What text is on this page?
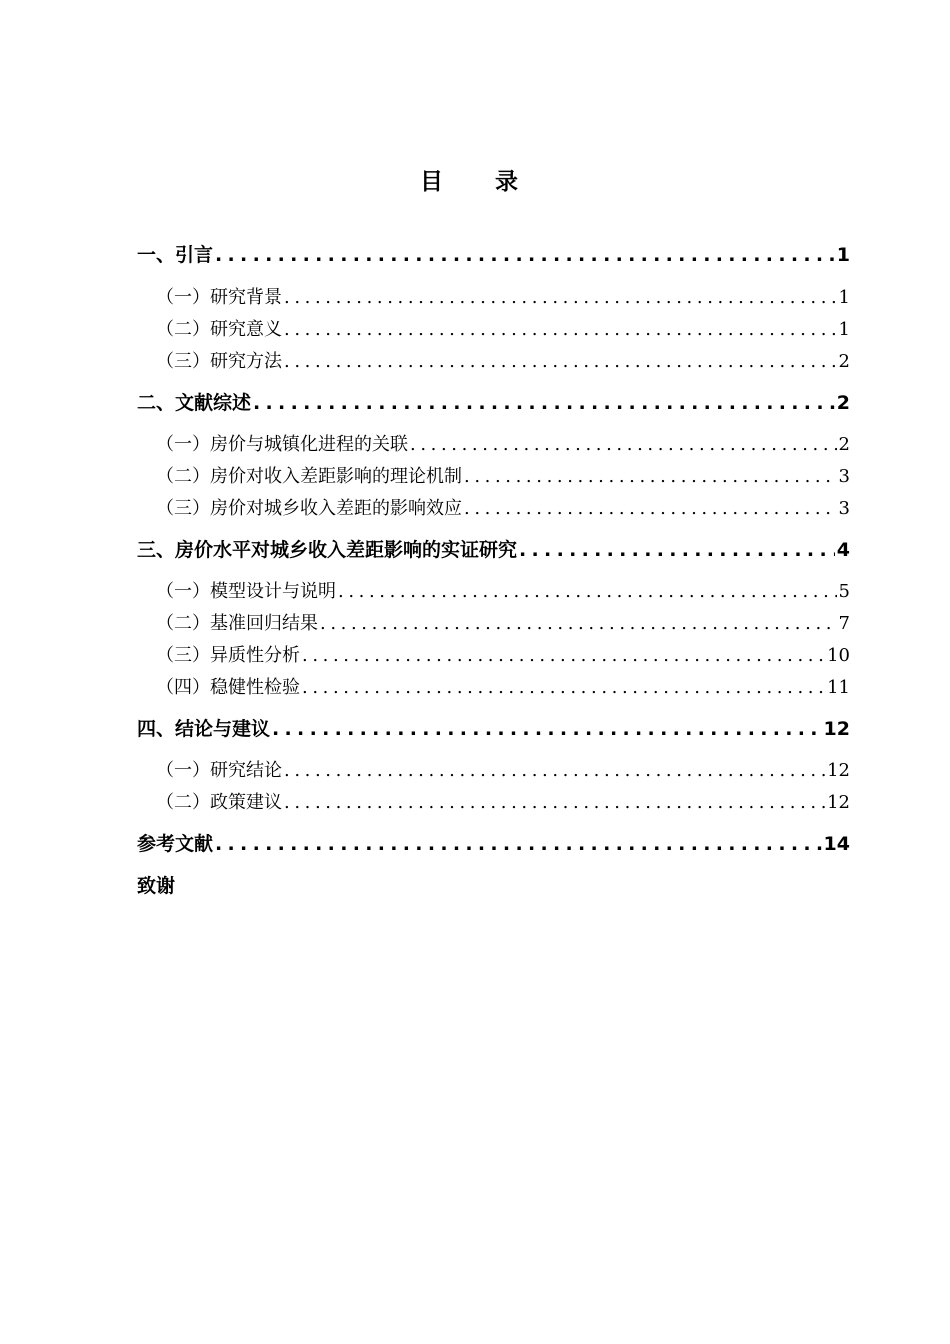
目录
一、引言 .....	1
（一）研究背景 .....	1
（二）研究意义 .....	1
（三）研究方法 .....	2
二、文献综述 .....	2
（一）房价与城镇化进程的关联 .....	2
（二）房价对收入差距影响的理论机制 .....	3
（三）房价对城乡收入差距的影响效应 .....	3
三、房价水平对城乡收入差距影响的实证研究 .....	4
（一）模型设计与说明 .....	5
（二）基准回归结果 .....	7
（三）异质性分析 .....	10
（四）稳健性检验 .....	11
四、结论与建议 .....	12
（一）研究结论 .....	12
（二）政策建议 .....	12
参考文献 .....	14
致谢
